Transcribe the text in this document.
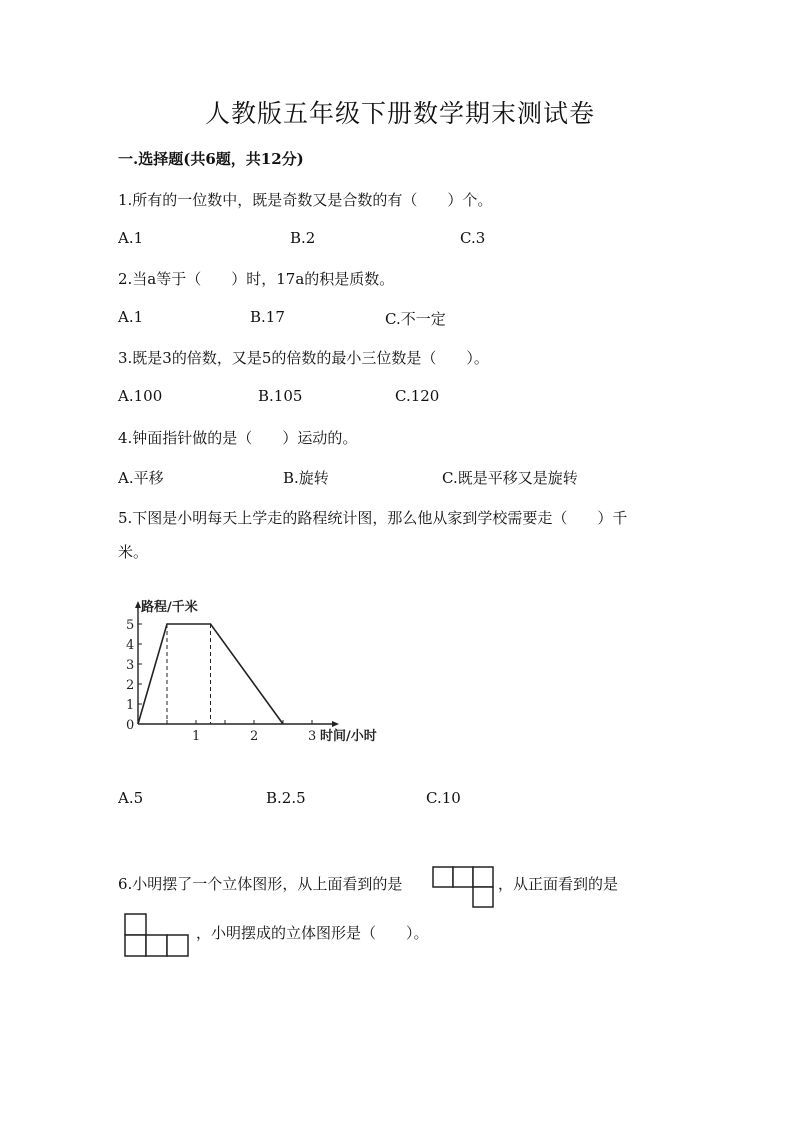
人教版五年级下册数学期末测试卷
一.选择题(共6题，共12分)
1.所有的一位数中，既是奇数又是合数的有（　　）个。
A.1	B.2	C.3
2.当a等于（　　）时，17a的积是质数。
A.1	B.17	C.不一定
3.既是3的倍数，又是5的倍数的最小三位数是（　　）。
A.100	B.105	C.120
4.钟面指针做的是（　　）运动的。
A.平移	B.旋转	C.既是平移又是旋转
5.下图是小明每天上学走的路程统计图，那么他从家到学校需要走（　　）千
米。
0
1
2
3
4
5
1	2	3
路程/千米
时间/小时
A.5	B.2.5	C.10
6.小明摆了一个立体图形，从上面看到的是	，从正面看到的是
，小明摆成的立体图形是（　　）。
